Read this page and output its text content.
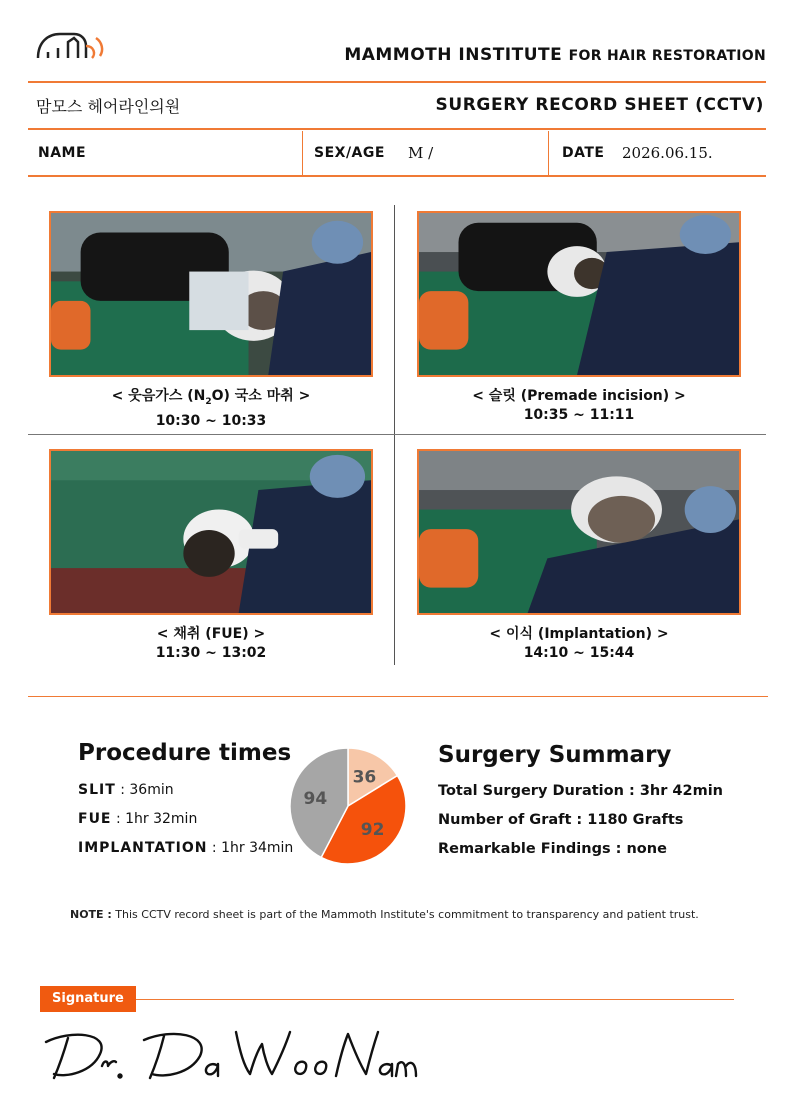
MAMMOTH INSTITUTE FOR HAIR RESTORATION
맘모스 헤어라인의원	SURGERY RECORD SHEET (CCTV)
NAME	SEX/AGE M /	DATE 2026.06.15.
< 웃음가스 $(N_2O)$ 국소 마취 >
10:30 ~ 10:33
< 슬릿 (Premade incision) >
10:35 ~ 11:11
< 채취 (FUE) >
11:30 ~ 13:02
< 이식 (Implantation) >
14:10 ~ 15:44
Procedure times
SLIT : 36min
FUE : 1hr 32min
IMPLANTATION : 1hr 34min
36
92
94
Surgery Summary
Total Surgery Duration : 3hr 42min
Number of Graft : 1180 Grafts
Remarkable Findings : none
NOTE : This CCTV record sheet is part of the Mammoth Institute's commitment to transparency and patient trust.
Signature
